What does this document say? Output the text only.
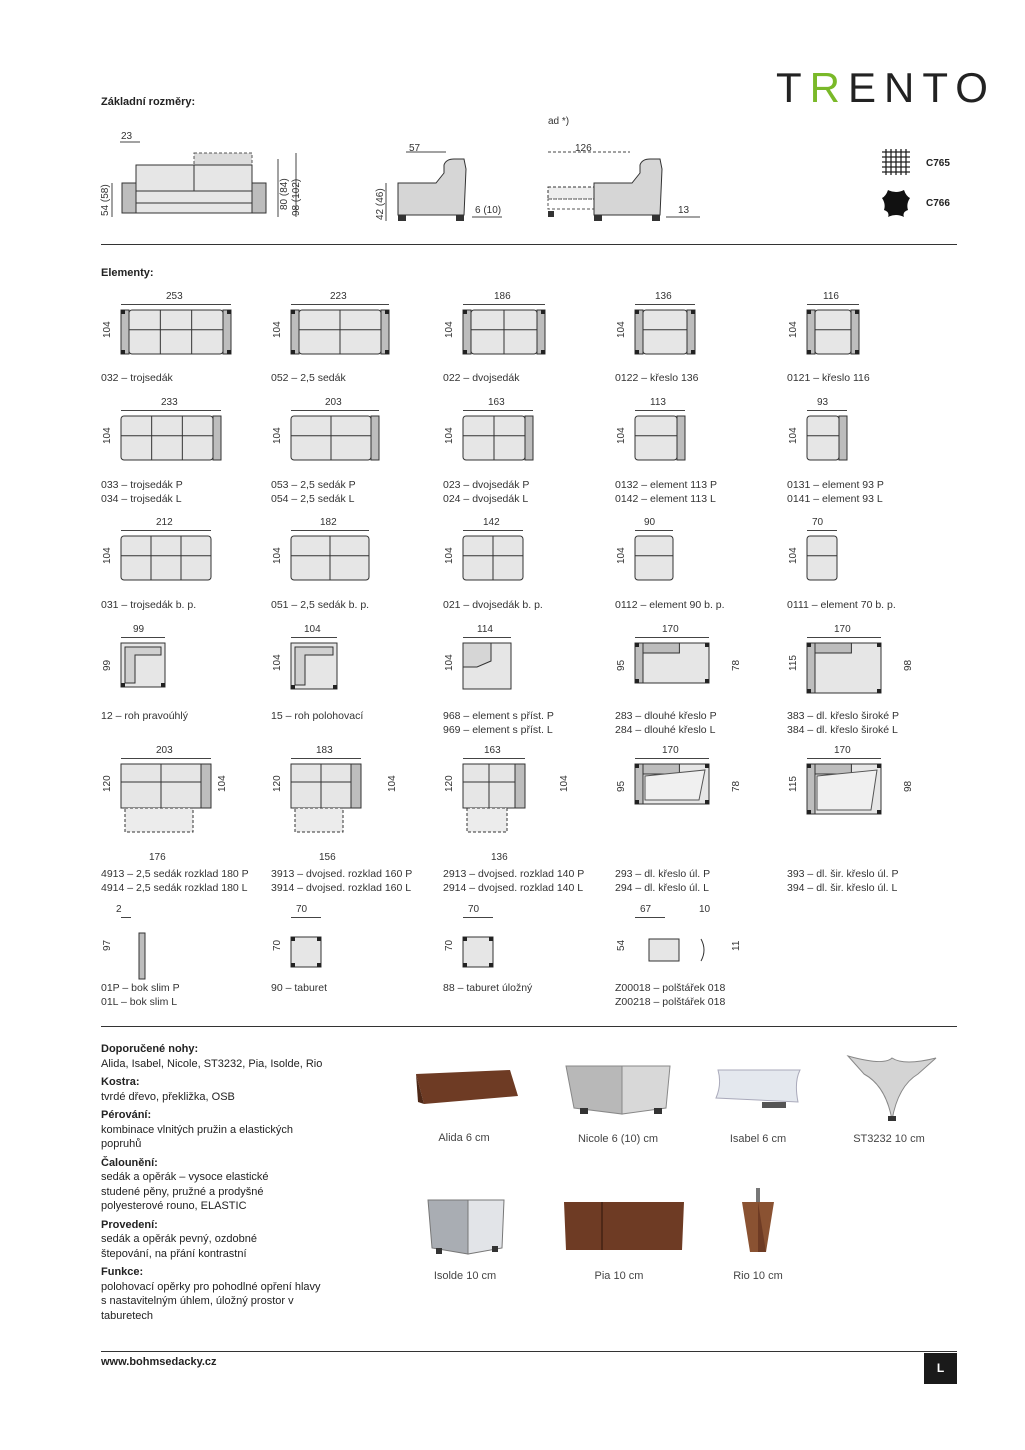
TRENTO
Základní rozměry:
23
54 (58)	80 (84) 98 (102)
57
42 (46)	6 (10)
ad *)
126
13
C765
C766
Elementy:
253
104
032 – trojsedák
223
104
052 – 2,5 sedák
186
104
022 – dvojsedák
136
104
0122 – křeslo 136
116
104
0121 – křeslo 116
233
104
033 – trojsedák P
034 – trojsedák L
203
104
053 – 2,5 sedák P
054 – 2,5 sedák L
163
104
023 – dvojsedák P
024 – dvojsedák L
113
104
0132 – element 113 P
0142 – element 113 L
93
104
0131 – element 93 P
0141 – element 93 L
212
104
031 – trojsedák b. p.
182
104
051 – 2,5 sedák b. p.
142
104
021 – dvojsedák b. p.
90
104
0112 – element 90 b. p.
70
104
0111 – element 70 b. p.
99
99
12 – roh pravoúhlý
104
104
15 – roh polohovací
114
104
968 – element s příst. P
969 – element s příst. L
170
95	78
283 – dlouhé křeslo P
284 – dlouhé křeslo L
170
115	98
383 – dl. křeslo široké P
384 – dl. křeslo široké L
203
120	104
176
4913 – 2,5 sedák rozklad 180 P
4914 – 2,5 sedák rozklad 180 L
183
120	104
156
3913 – dvojsed. rozklad 160 P
3914 – dvojsed. rozklad 160 L
163
120	104
136
2913 – dvojsed. rozklad 140 P
2914 – dvojsed. rozklad 140 L
170
95	78
293 – dl. křeslo úl. P
294 – dl. křeslo úl. L
170
115	98
393 – dl. šir. křeslo úl. P
394 – dl. šir. křeslo úl. L
2
97
01P – bok slim P
01L – bok slim L
70
70
90 – taburet
70
70
88 – taburet úložný
67
54	11
10
Z00018 – polštářek 018
Z00218 – polštářek 018
Doporučené nohy:
Alida, Isabel, Nicole, ST3232, Pia, Isolde, Rio
Kostra:
tvrdé dřevo, překližka, OSB
Pérování:
kombinace vlnitých pružin a elastických popruhů
Čalounění:
sedák a opěrák – vysoce elastické studené pěny, pružné a prodyšné polyesterové rouno, ELASTIC
Provedení:
sedák a opěrák pevný, ozdobné štepování, na přání kontrastní
Funkce:
polohovací opěrky pro pohodlné opření hlavy s nastavitelným úhlem, úložný prostor v taburetech
Alida 6 cm	Nicole 6 (10) cm	Isabel 6 cm	ST3232 10 cm
Isolde 10 cm	Pia 10 cm	Rio 10 cm
www.bohmsedacky.cz	L
